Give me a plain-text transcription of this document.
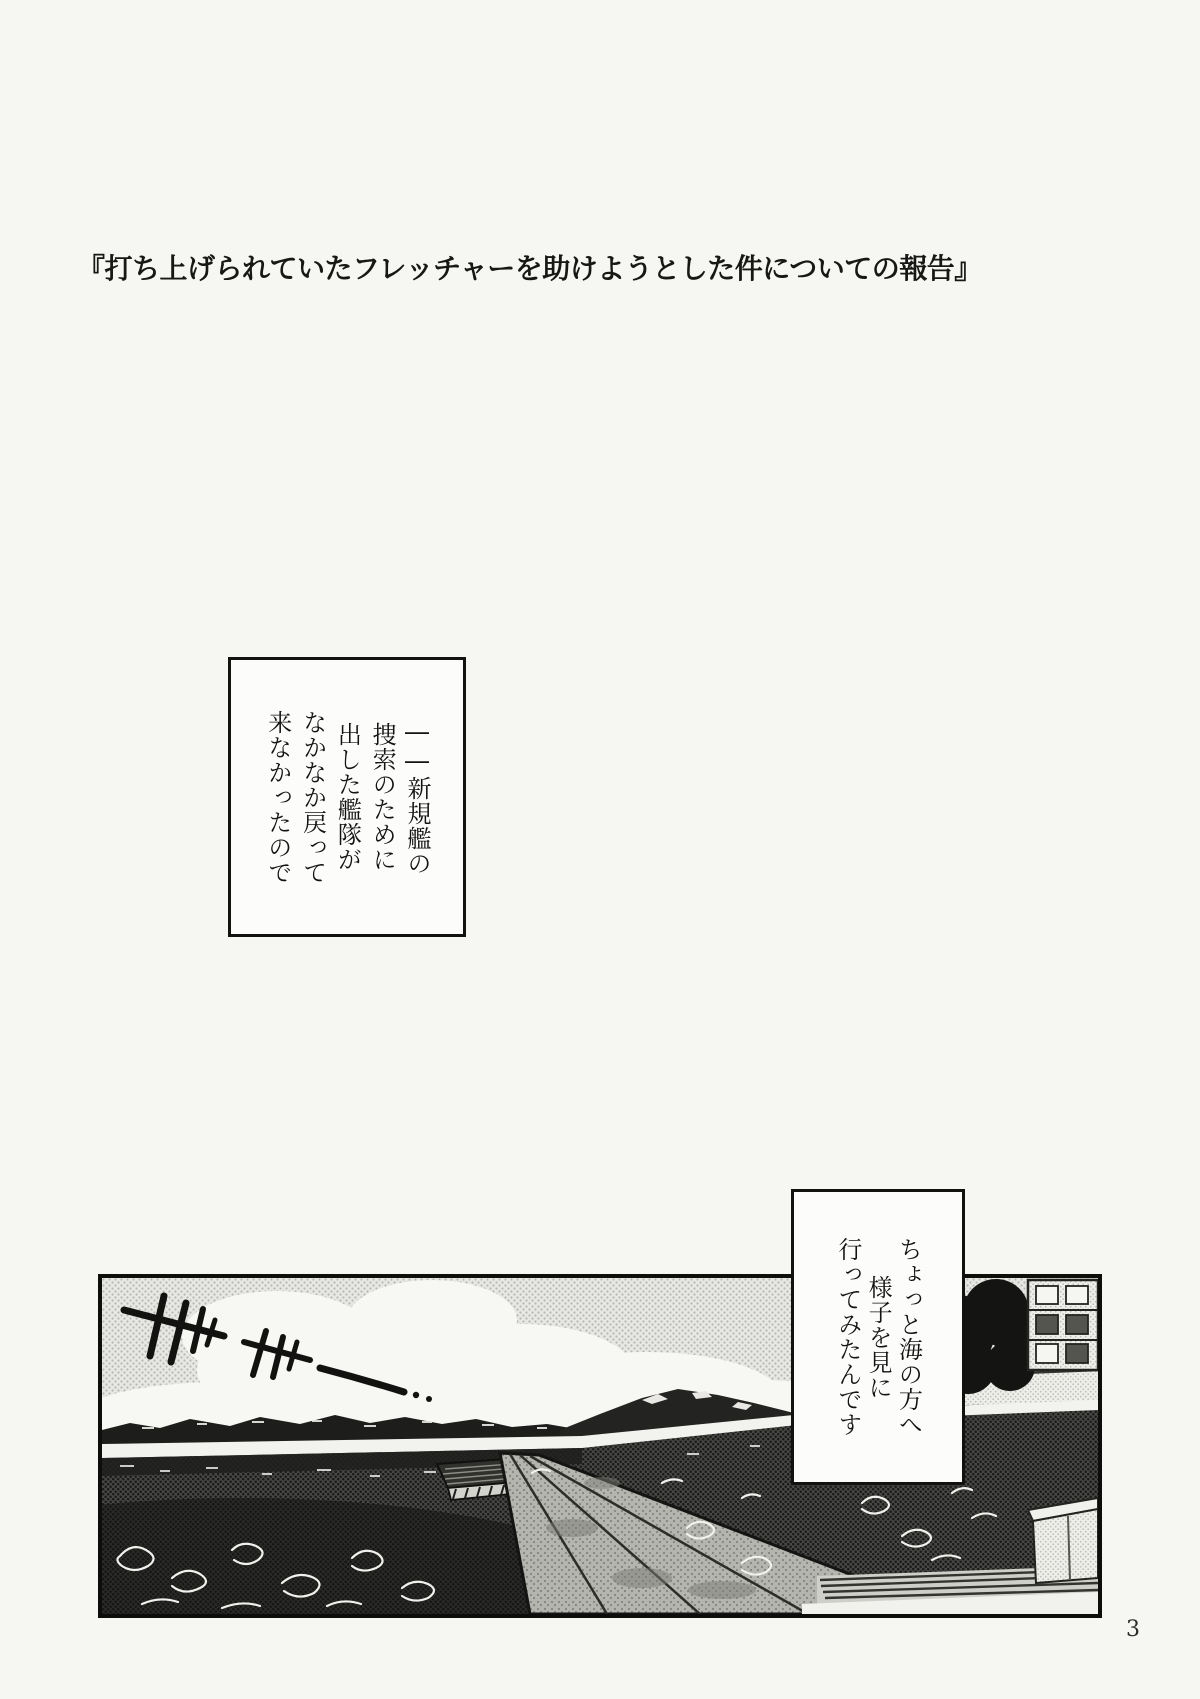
『打ち上げられていたフレッチャーを助けようとした件についての報告』
――新規艦の
捜索のために
出した艦隊が
なかなか戻って
来なかったので
ちょっと海の方へ
様子を見に
行ってみたんです
3
